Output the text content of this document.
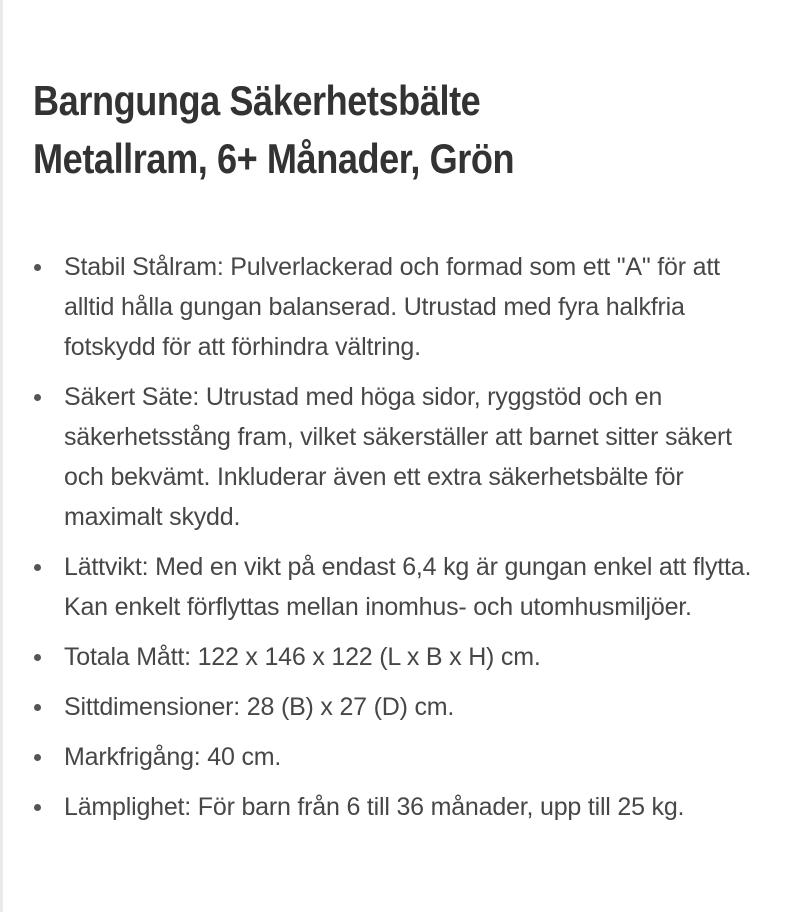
Barngunga Säkerhetsbälte
Metallram, 6+ Månader, Grön
Stabil Stålram: Pulverlackerad och formad som ett "A" för att alltid hålla gungan balanserad. Utrustad med fyra halkfria fotskydd för att förhindra vältring.
Säkert Säte: Utrustad med höga sidor, ryggstöd och en säkerhetsstång fram, vilket säkerställer att barnet sitter säkert och bekvämt. Inkluderar även ett extra säkerhetsbälte för maximalt skydd.
Lättvikt: Med en vikt på endast 6,4 kg är gungan enkel att flytta. Kan enkelt förflyttas mellan inomhus- och utomhusmiljöer.
Totala Mått: 122 x 146 x 122 (L x B x H) cm.
Sittdimensioner: 28 (B) x 27 (D) cm.
Markfrigång: 40 cm.
Lämplighet: För barn från 6 till 36 månader, upp till 25 kg.
